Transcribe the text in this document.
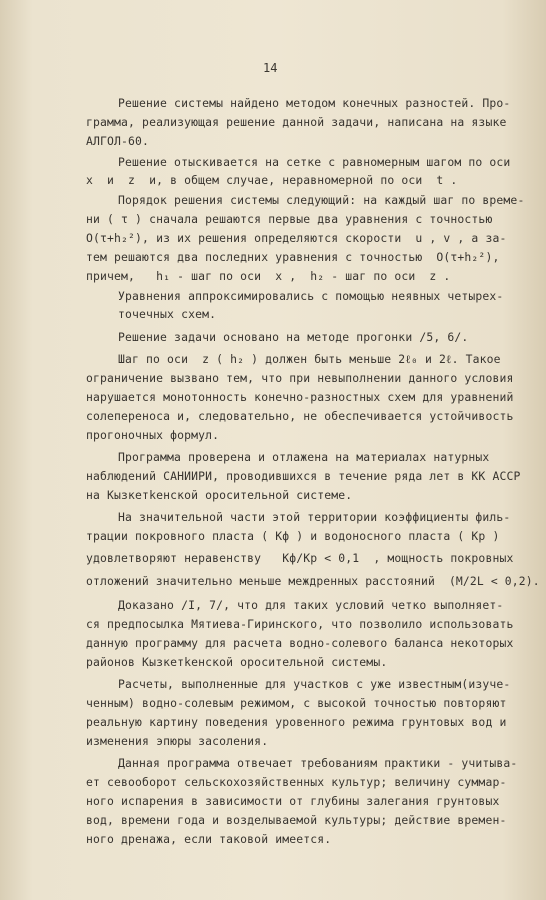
14
Решение системы найдено методом конечных разностей. Про-
грамма, реализующая решение данной задачи, написана на языке
АЛГОЛ-60.
Решение отыскивается на сетке с равномерным шагом по оси
x  и  z  и, в общем случае, неравномерной по оси  t .
Порядок решения системы следующий: на каждый шаг по време-
ни ( τ ) сначала решаются первые два уравнения с точностью
O(τ+h₂²), из их решения определяются скорости  u , v , а за-
тем решаются два последних уравнения с точностью  O(τ+h₂²),
причем,   h₁ - шаг по оси  x ,  h₂ - шаг по оси  z .
Уравнения аппроксимировались с помощью неявных четырех-
точечных схем.
Решение задачи основано на методе прогонки /5, 6/.
Шаг по оси  z ( h₂ ) должен быть меньше 2ℓ₀ и 2ℓ. Такое
ограничение вызвано тем, что при невыполнении данного условия
нарушается монотонность конечно-разностных схем для уравнений
солепереноса и, следовательно, не обеспечивается устойчивость
прогоночных формул.
Программа проверена и отлажена на материалах натурных
наблюдений САНИИРИ, проводившихся в течение ряда лет в КК АССР
на Кызкетkенской оросительной системе.
На значительной части этой территории коэффициенты филь-
трации покровного пласта ( Kф ) и водоносного пласта ( Kр )
удовлетворяют неравенству   Kф/Kр < 0,1  , мощность покровных
отложений значительно меньше междренных расстояний  (M/2L < 0,2).
Доказано /I, 7/, что для таких условий четко выполняет-
ся предпосылка Мятиева-Гиринского, что позволило использовать
данную программу для расчета водно-солевого баланса некоторых
районов Кызкетkенской оросительной системы.
Расчеты, выполненные для участков с уже известным(изуче-
ченным) водно-солевым режимом, с высокой точностью повторяют
реальную картину поведения уровенного режима грунтовых вод и
изменения эпюры засоления.
Данная программа отвечает требованиям практики - учитыва-
ет севооборот сельскохозяйственных культур; величину суммар-
ного испарения в зависимости от глубины залегания грунтовых
вод, времени года и возделываемой культуры; действие времен-
ного дренажа, если таковой имеется.
